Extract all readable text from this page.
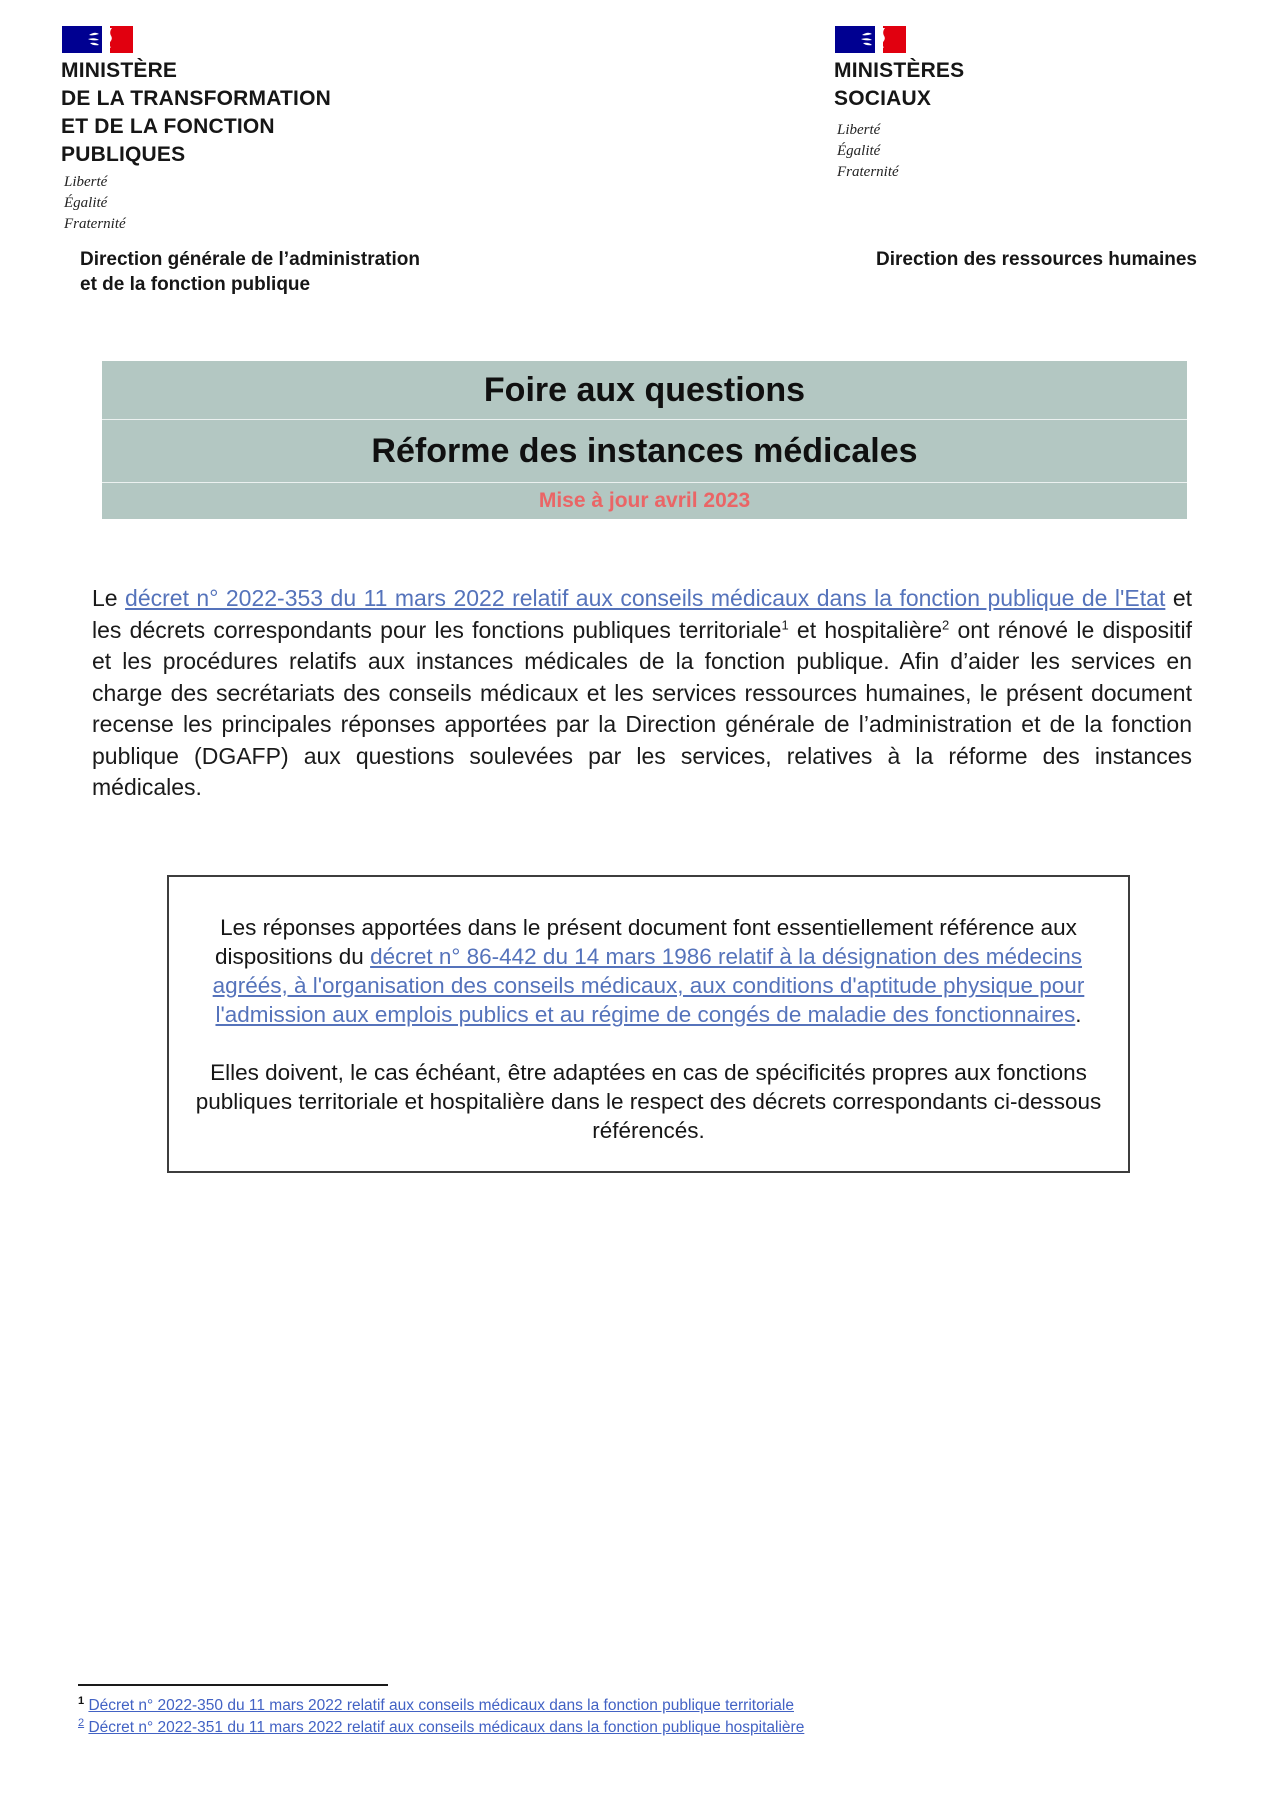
MINISTÈRE
DE LA TRANSFORMATION
ET DE LA FONCTION
PUBLIQUES
Liberté
Égalité
Fraternité
MINISTÈRES
SOCIAUX
Liberté
Égalité
Fraternité
Direction générale de l’administration
et de la fonction publique
Direction des ressources humaines
Foire aux questions
Réforme des instances médicales
Mise à jour avril 2023

Le décret n° 2022-353 du 11 mars 2022 relatif aux conseils médicaux dans la fonction publique de l'Etat et les décrets correspondants pour les fonctions publiques territoriale$^1$ et hospitalière$^2$ ont rénové le dispositif et les procédures relatifs aux instances médicales de la fonction publique. Afin d’aider les services en charge des secrétariats des conseils médicaux et les services ressources humaines, le présent document recense les principales réponses apportées par la Direction générale de l’administration et de la fonction publique (DGAFP) aux questions soulevées par les services, relatives à la réforme des instances médicales.

Les réponses apportées dans le présent document font essentiellement référence aux dispositions du décret n° 86-442 du 14 mars 1986 relatif à la désignation des médecins agréés, à l'organisation des conseils médicaux, aux conditions d'aptitude physique pour l'admission aux emplois publics et au régime de congés de maladie des fonctionnaires.

Elles doivent, le cas échéant, être adaptées en cas de spécificités propres aux fonctions publiques territoriale et hospitalière dans le respect des décrets correspondants ci-dessous référencés.

$^1$ Décret n° 2022-350 du 11 mars 2022 relatif aux conseils médicaux dans la fonction publique territoriale
$^2$ Décret n° 2022-351 du 11 mars 2022 relatif aux conseils médicaux dans la fonction publique hospitalière
